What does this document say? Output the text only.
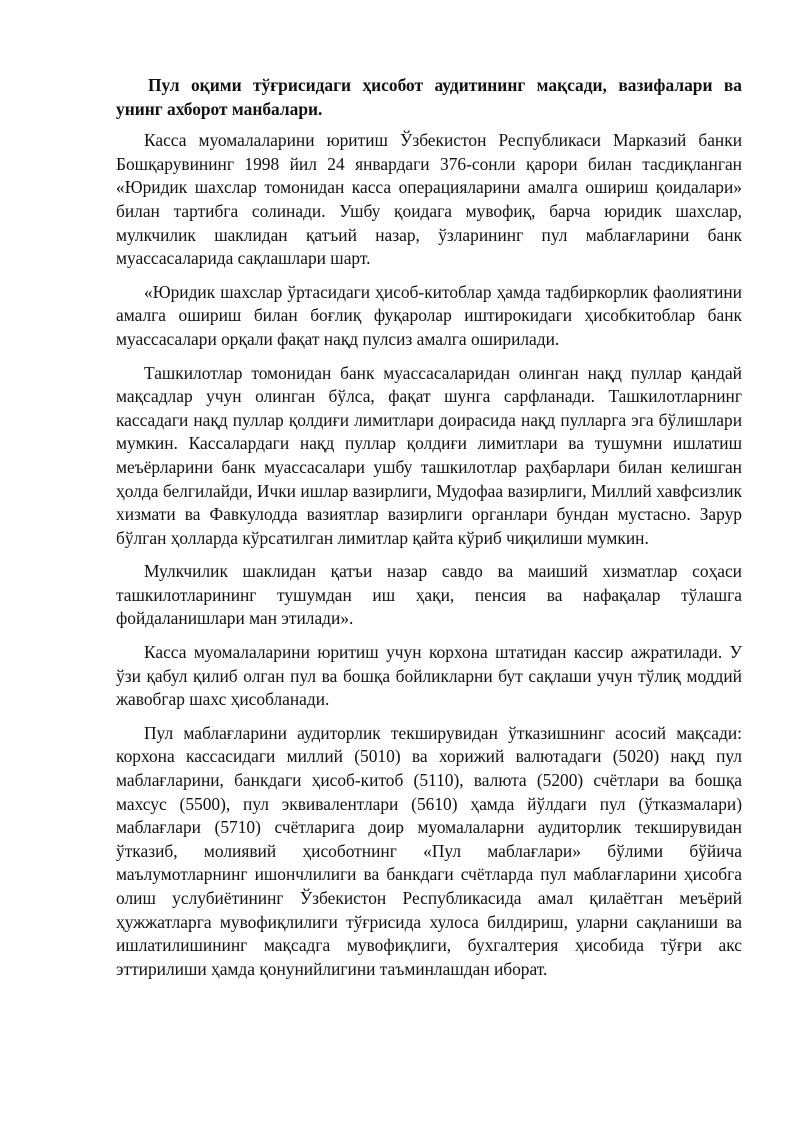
Пул оқими тўғрисидаги ҳисобот аудитининг мақсади, вазифалари ва унинг ахборот манбалари.

Касса муомалаларини юритиш Ўзбекистон Республикаси Марказий банки Бошқарувининг 1998 йил 24 январдаги 376-сонли қарори билан тасдиқланган «Юридик шахслар томонидан касса операцияларини амалга ошириш қоидалари» билан тартибга солинади. Ушбу қоидага мувофиқ, барча юридик шахслар, мулкчилик шаклидан қатъий назар, ўзларининг пул маблағларини банк муассасаларида сақлашлари шарт.

«Юридик шахслар ўртасидаги ҳисоб-китоблар ҳамда тадбиркорлик фаолиятини амалга ошириш билан боғлиқ фуқаролар иштирокидаги ҳисобкитоблар банк муассасалари орқали фақат нақд пулсиз амалга оширилади.

Ташкилотлар томонидан банк муассасаларидан олинган нақд пуллар қандай мақсадлар учун олинган бўлса, фақат шунга сарфланади. Ташкилотларнинг кассадаги нақд пуллар қолдиғи лимитлари доирасида нақд пулларга эга бўлишлари мумкин. Кассалардаги нақд пуллар қолдиғи лимитлари ва тушумни ишлатиш меъёрларини банк муассасалари ушбу ташкилотлар раҳбарлари билан келишган ҳолда белгилайди, Ички ишлар вазирлиги, Мудофаа вазирлиги, Миллий хавфсизлик хизмати ва Фавкулодда вазиятлар вазирлиги органлари бундан мустасно. Зарур бўлган ҳолларда кўрсатилган лимитлар қайта кўриб чиқилиши мумкин.

Мулкчилик шаклидан қатъи назар савдо ва маиший хизматлар соҳаси ташкилотларининг тушумдан иш ҳақи, пенсия ва нафақалар тўлашга фойдаланишлари ман этилади».

Касса муомалаларини юритиш учун корхона штатидан кассир ажратилади. У ўзи қабул қилиб олган пул ва бошқа бойликларни бут сақлаши учун тўлиқ моддий жавобгар шахс ҳисобланади.

Пул маблағларини аудиторлик текширувидан ўтказишнинг асосий мақсади: корхона кассасидаги миллий (5010) ва хорижий валютадаги (5020) нақд пул маблағларини, банкдаги ҳисоб-китоб (5110), валюта (5200) счётлари ва бошқа махсус (5500), пул эквивалентлари (5610) ҳамда йўлдаги пул (ўтказмалари) маблағлари (5710) счётларига доир муомалаларни аудиторлик текширувидан ўтказиб, молиявий ҳисоботнинг «Пул маблағлари» бўлими бўйича маълумотларнинг ишончлилиги ва банкдаги счётларда пул маблағларини ҳисобга олиш услубиётининг Ўзбекистон Республикасида амал қилаётган меъёрий ҳужжатларга мувофиқлилиги тўғрисида хулоса билдириш, уларни сақланиши ва ишлатилишининг мақсадга мувофиқлиги, бухгалтерия ҳисобида тўғри акс эттирилиши ҳамда қонунийлигини таъминлашдан иборат.
